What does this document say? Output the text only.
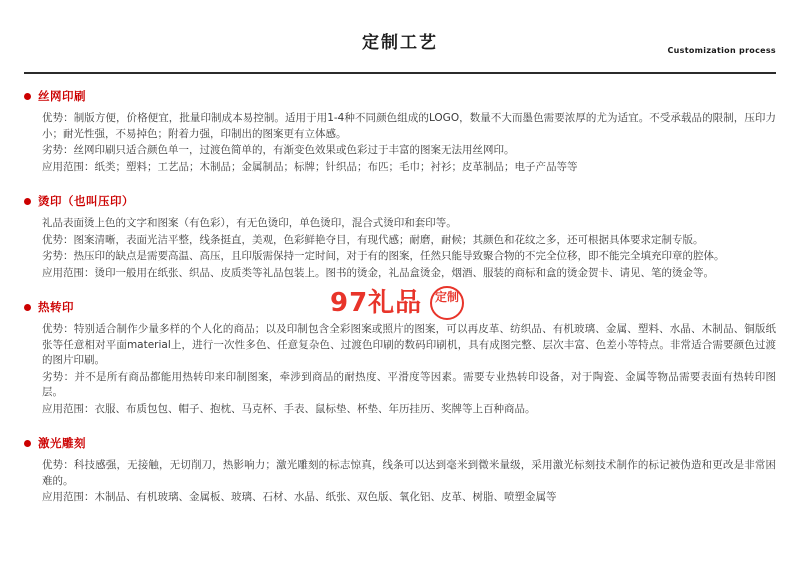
定制工艺	Customization process
丝网印刷

优势：制版方便，价格便宜，批量印制成本易控制。适用于用1-4种不同颜色组成的LOGO，数量不大而墨色需要浓厚的尤为适宜。不受承载品的限制，压印力小；耐光性强，不易掉色；附着力强，印制出的图案更有立体感。

劣势：丝网印刷只适合颜色单一，过渡色简单的，有渐变色效果或色彩过于丰富的图案无法用丝网印。

应用范围：纸类；塑料；工艺品；木制品；金属制品；标牌；针织品；布匹；毛巾；衬衫；皮革制品；电子产品等等

烫印（也叫压印）

礼品表面烫上色的文字和图案（有色彩），有无色烫印，单色烫印，混合式烫印和套印等。

优势：图案清晰，表面光洁平整，线条挺直，美观，色彩鲜艳夺目，有现代感；耐磨，耐候；其颜色和花纹之多，还可根据具体要求定制专版。

劣势：热压印的缺点是需要高温、高压，且印版需保持一定时间，对于有的图案，任然只能导致聚合物的不完全位移，即不能完全填充印章的腔体。

应用范围：烫印一般用在纸张、织品、皮质类等礼品包装上。图书的烫金，礼品盒烫金，烟酒、服装的商标和盒的烫金贺卡、请见、笔的烫金等。

热转印

优势：特别适合制作少量多样的个人化的商品；以及印制包含全彩图案或照片的图案，可以再皮革、纺织品、有机玻璃、金属、塑料、水晶、木制品、铜版纸张等任意相对平面material上，进行一次性多色、任意复杂色、过渡色印刷的数码印刷机，具有成图完整、层次丰富、色差小等特点。非常适合需要颜色过渡的图片印刷。

劣势：并不是所有商品都能用热转印来印制图案，牵涉到商品的耐热度、平滑度等因素。需要专业热转印设备，对于陶瓷、金属等物品需要表面有热转印图层。

应用范围：衣服、布质包包、帽子、抱枕、马克杯、手表、鼠标垫、杯垫、年历挂历、奖牌等上百种商品。

激光雕刻

优势：科技感强，无接触，无切削刀，热影响力；激光雕刻的标志惊真，线条可以达到毫米到微米量级，采用激光标刻技术制作的标记被伪造和更改是非常困难的。

应用范围：木制品、有机玻璃、金属板、玻璃、石材、水晶、纸张、双色版、氧化铝、皮革、树脂、喷塑金属等

97礼品	定制
